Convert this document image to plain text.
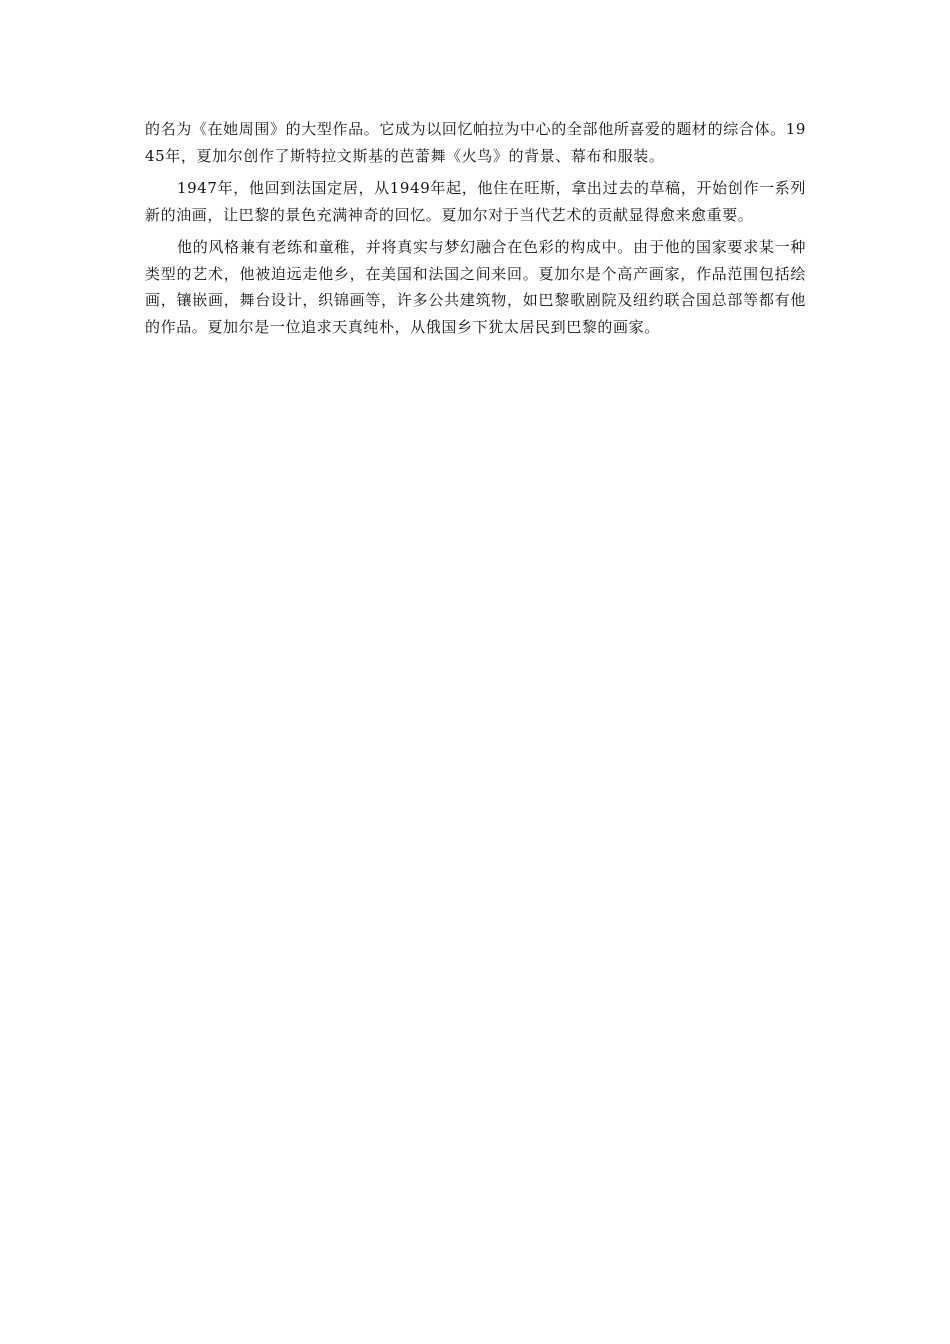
的名为《在她周围》的大型作品。它成为以回忆帕拉为中心的全部他所喜爱的题材的综合体。1945年，夏加尔创作了斯特拉文斯基的芭蕾舞《火鸟》的背景、幕布和服装。

1947年，他回到法国定居，从1949年起，他住在旺斯，拿出过去的草稿，开始创作一系列新的油画，让巴黎的景色充满神奇的回忆。夏加尔对于当代艺术的贡献显得愈来愈重要。

他的风格兼有老练和童稚，并将真实与梦幻融合在色彩的构成中。由于他的国家要求某一种类型的艺术，他被迫远走他乡，在美国和法国之间来回。夏加尔是个高产画家，作品范围包括绘画，镶嵌画，舞台设计，织锦画等，许多公共建筑物，如巴黎歌剧院及纽约联合国总部等都有他的作品。夏加尔是一位追求天真纯朴，从俄国乡下犹太居民到巴黎的画家。
